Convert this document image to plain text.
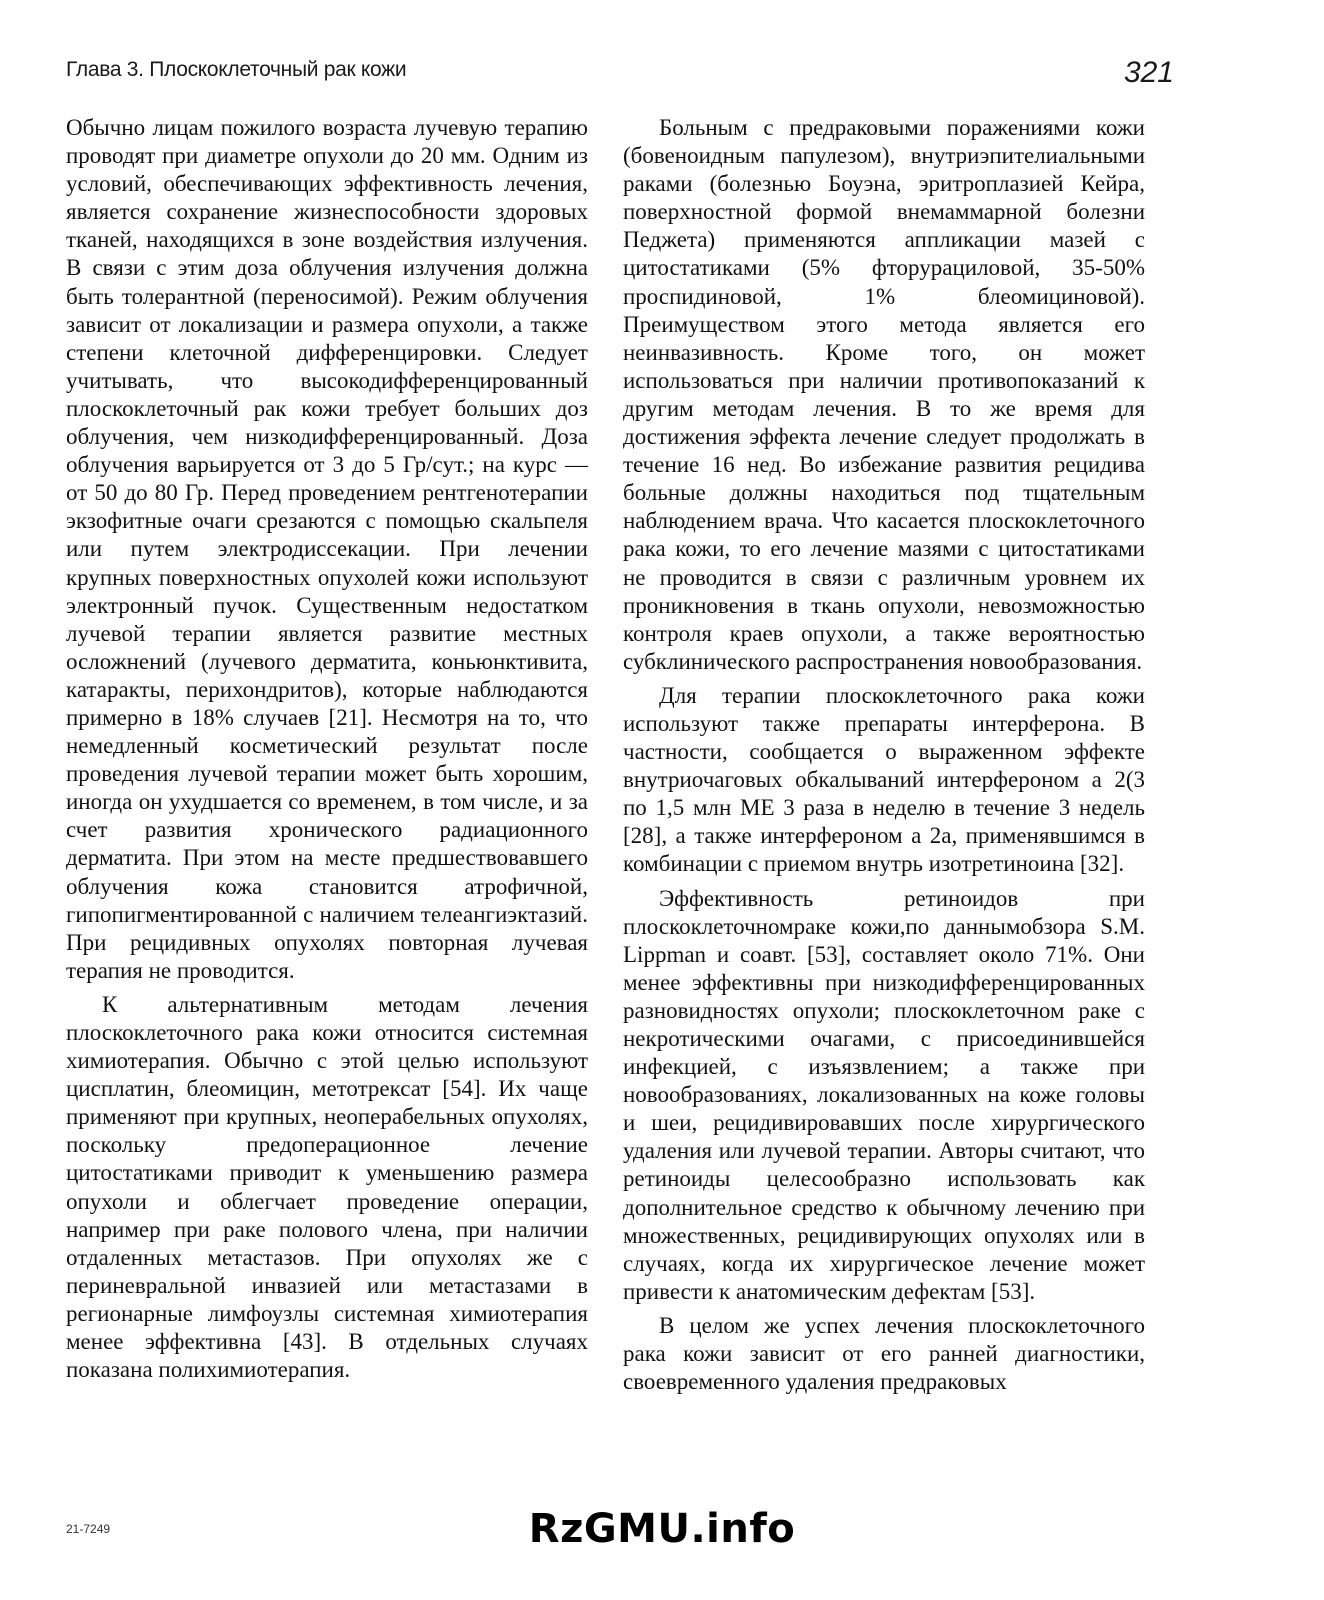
Глава 3. Плоскоклеточный рак кожи	321

Обычно лицам пожилого возраста лучевую терапию проводят при диаметре опухоли до 20 мм. Одним из условий, обеспечивающих эффективность лечения, является сохранение жизнеспособности здоровых тканей, находящихся в зоне воздействия излучения. В связи с этим доза облучения излучения должна быть толерантной (переносимой). Режим облучения зависит от локализации и размера опухоли, а также степени клеточной дифференцировки. Следует учитывать, что высокодифференцированный плоскоклеточный рак кожи требует больших доз облучения, чем низкодифференцированный. Доза облучения варьируется от 3 до 5 Гр/сут.; на курс — от 50 до 80 Гр. Перед проведением рентгенотерапии экзофитные очаги срезаются с помощью скальпеля или путем электродиссекации. При лечении крупных поверхностных опухолей кожи используют электронный пучок. Существенным недостатком лучевой терапии является развитие местных осложнений (лучевого дерматита, коньюнктивита, катаракты, перихондритов), которые наблюдаются примерно в 18% случаев [21]. Несмотря на то, что немедленный косметический результат после проведения лучевой терапии может быть хорошим, иногда он ухудшается со временем, в том числе, и за счет развития хронического радиационного дерматита. При этом на месте предшествовавшего облучения кожа становится атрофичной, гипопигментированной с наличием телеангиэктазий. При рецидивных опухолях повторная лучевая терапия не проводится.

К альтернативным методам лечения плоскоклеточного рака кожи относится системная химиотерапия. Обычно с этой целью используют цисплатин, блеомицин, метотрексат [54]. Их чаще применяют при крупных, неоперабельных опухолях, поскольку предоперационное лечение цитостатиками приводит к уменьшению размера опухоли и облегчает проведение операции, например при раке полового члена, при наличии отдаленных метастазов. При опухолях же с периневральной инвазией или метастазами в регионарные лимфоузлы системная химиотерапия менее эффективна [43]. В отдельных случаях показана полихимиотерапия.

Больным с предраковыми поражениями кожи (бовеноидным папулезом), внутриэпителиальными раками (болезнью Боуэна, эритроплазией Кейра, поверхностной формой внемаммарной болезни Педжета) применяются аппликации мазей с цитостатиками (5% фторурациловой, 35-50% проспидиновой, 1% блеомициновой). Преимуществом этого метода является его неинвазивность. Кроме того, он может использоваться при наличии противопоказаний к другим методам лечения. В то же время для достижения эффекта лечение следует продолжать в течение 16 нед. Во избежание развития рецидива больные должны находиться под тщательным наблюдением врача. Что касается плоскоклеточного рака кожи, то его лечение мазями с цитостатиками не проводится в связи с различным уровнем их проникновения в ткань опухоли, невозможностью контроля краев опухоли, а также вероятностью субклинического распространения новообразования.

Для терапии плоскоклеточного рака кожи используют также препараты интерферона. В частности, сообщается о выраженном эффекте внутриочаговых обкалываний интерфероном а 2(3 по 1,5 млн МЕ 3 раза в неделю в течение 3 недель [28], а также интерфероном а 2а, применявшимся в комбинации с приемом внутрь изотретиноина [32].

Эффективность ретиноидов при плоскоклеточномраке кожи,по даннымобзора S.M. Lippman и соавт. [53], составляет около 71%. Они менее эффективны при низкодифференцированных разновидностях опухоли; плоскоклеточном раке с некротическими очагами, с присоединившейся инфекцией, с изъязвлением; а также при новообразованиях, локализованных на коже головы и шеи, рецидивировавших после хирургического удаления или лучевой терапии. Авторы считают, что ретиноиды целесообразно использовать как дополнительное средство к обычному лечению при множественных, рецидивирующих опухолях или в случаях, когда их хирургическое лечение может привести к анатомическим дефектам [53].

В целом же успех лечения плоскоклеточного рака кожи зависит от его ранней диагностики, своевременного удаления предраковых

21-7249	RzGMU.info
